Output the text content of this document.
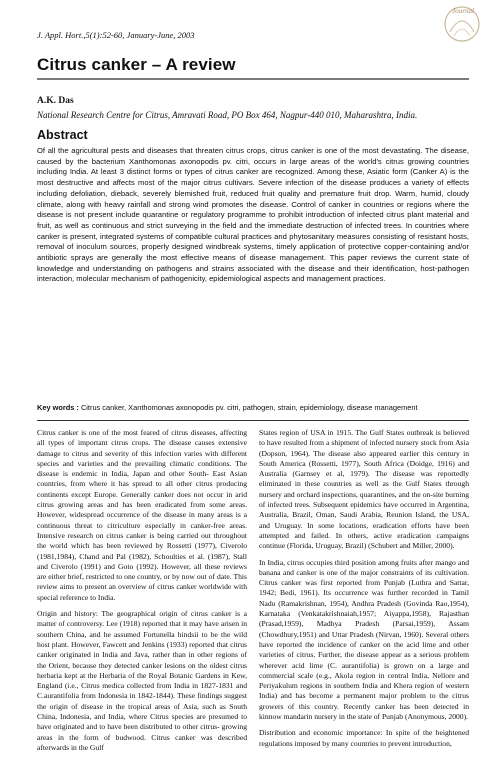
J. Appl. Hort.,5(1):52-60, January-June, 2003
Journal
Citrus canker – A review
A.K. Das
National Research Centre for Citrus, Amravati Road, PO Box 464, Nagpur-440 010, Maharashtra, India.
Abstract

Of all the agricultural pests and diseases that threaten citrus crops, citrus canker is one of the most devastating. The disease, caused by the bacterium Xanthomonas axonopodis pv. citri, occurs in large areas of the world's citrus growing countries including India. At least 3 distinct forms or types of citrus canker are recognized. Among these, Asiatic form (Canker A) is the most destructive and affects most of the major citrus cultivars. Severe infection of the disease produces a variety of effects including defoliation, dieback, severely blemished fruit, reduced fruit quality and premature fruit drop. Warm, humid, cloudy climate, along with heavy rainfall and strong wind promotes the disease. Control of canker in countries or regions where the disease is not present include quarantine or regulatory programme to prohibit introduction of infected citrus plant material and fruit, as well as continuous and strict surveying in the field and the immediate destruction of infected trees. In countries where canker is present, integrated systems of compatible cultural practices and phytosanitary measures consisting of resistant hosts, removal of inoculum sources, properly designed windbreak systems, timely application of protective copper-containing and/or antibiotic sprays are generally the most effective means of disease management. This paper reviews the current state of knowledge and understanding on pathogens and strains associated with the disease and their identification, host-pathogen interaction, molecular mechanism of pathogenicity, epidemiological aspects and management practices.

Key words : Citrus canker, Xanthomonas axonopodis pv. citri, pathogen, strain, epidemiology, disease management

Citrus canker is one of the most feared of citrus diseases, affecting all types of important citrus crops. The disease causes extensive damage to citrus and severity of this infection varies with different species and varieties and the prevailing climatic conditions. The disease is endemic in India, Japan and other South- East Asian countries, from where it has spread to all other citrus producing continents except Europe. Generally canker does not occur in arid citrus growing areas and has been eradicated from some areas. However, widespread occurrence of the disease in many areas is a continuous threat to citriculture especially in canker-free areas. Intensive research on citrus canker is being carried out throughout the world which has been reviewed by Rossetti (1977), Civerolo (1981,1984), Chand and Pal (1982), Schoulties et al. (1987), Stall and Civerolo (1991) and Goto (1992). However, all these reviews are either brief, restricted to one country, or by now out of date. This review aims to present an overview of citrus canker worldwide with special reference to India.

Origin and history: The geographical origin of citrus canker is a matter of controversy. Lee (1918) reported that it may have arisen in southern China, and he assumed Fortunella hindsii to be the wild host plant. However, Fawcett and Jenkins (1933) reported that citrus canker originated in India and Java, rather than in other regions of the Orient, because they detected canker lesions on the oldest citrus herbaria kept at the Herbaria of the Royal Botanic Gardens in Kew, England (i.e., Citrus medica collected from India in 1827-1831 and C.aurantifolia from Indonesia in 1842-1844). These findings suggest the origin of disease in the tropical areas of Asia, such as South China, Indonesia, and India, where Citrus species are presumed to have originated and to have been distributed to other citrus- growing areas in the form of budwood. Citrus canker was described afterwards in the Gulf

States region of USA in 1915. The Gulf States outbreak is believed to have resulted from a shipment of infected nursery stock from Asia (Dopson, 1964). The disease also appeared earlier this century in South America (Rossetti, 1977), South Africa (Doidge, 1916) and Australia (Garnsey et al, 1979). The disease was reportedly eliminated in these countries as well as the Gulf States through nursery and orchard inspections, quarantines, and the on-site burning of infected trees. Subsequent epidemics have occurred in Argentina, Australia, Brazil, Oman, Saudi Arabia, Reunion Island, the USA, and Uruguay. In some locations, eradication efforts have been attempted and failed. In others, active eradication campaigns continue (Florida, Uruguay, Brazil) (Schubert and Miller, 2000).

In India, citrus occupies third position among fruits after mango and banana and canker is one of the major constraints of its cultivation. Citrus canker was first reported from Punjab (Luthra and Sattar, 1942; Bedi, 1961). Its occurrence was further recorded in Tamil Nadu (Ramakrishnan, 1954), Andhra Pradesh (Govinda Rao,1954), Karnataka (Venkatakrishnaiah,1957; Aiyappa,1958), Rajasthan (Prasad,1959), Madhya Pradesh (Parsai,1959), Assam (Chowdhury,1951) and Uttar Pradesh (Nirvan, 1960). Several others have reported the incidence of canker on the acid lime and other varieties of citrus. Further, the disease appear as a serious problem wherever acid lime (C. aurantifolia) is grown on a large and commercial scale (e.g., Akola region in central India, Nellore and Periyakulum regions in southern India and Khera region of western India) and has become a permanent major problem to the citrus growers of this country. Recently canker has been detected in kinnow mandarin nursery in the state of Punjab (Anonymous, 2000).

Distribution and economic importance: In spite of the heightened regulations imposed by many countries to prevent introduction,
